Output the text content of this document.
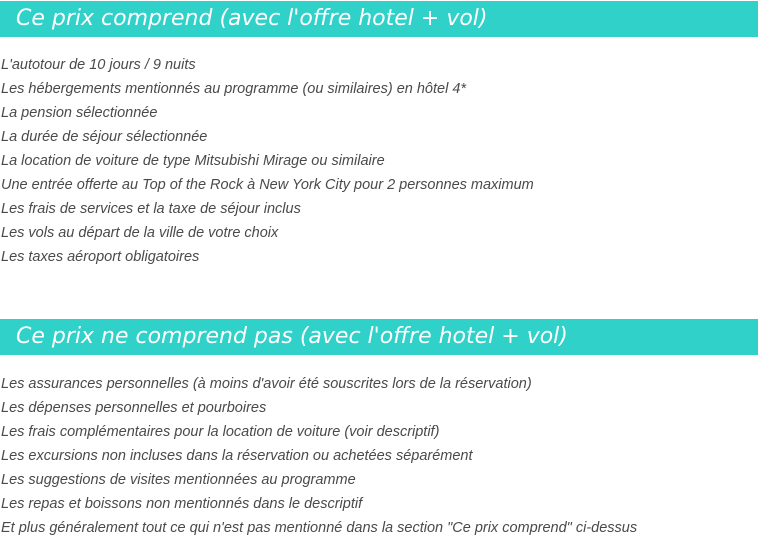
Ce prix comprend (avec l'offre hotel + vol)
L'autotour de 10 jours / 9 nuits
Les hébergements mentionnés au programme (ou similaires) en hôtel 4*
La pension sélectionnée
La durée de séjour sélectionnée
La location de voiture de type Mitsubishi Mirage ou similaire
Une entrée offerte au Top of the Rock à New York City pour 2 personnes maximum
Les frais de services et la taxe de séjour inclus
Les vols au départ de la ville de votre choix
Les taxes aéroport obligatoires
Ce prix ne comprend pas (avec l'offre hotel + vol)
Les assurances personnelles (à moins d'avoir été souscrites lors de la réservation)
Les dépenses personnelles et pourboires
Les frais complémentaires pour la location de voiture (voir descriptif)
Les excursions non incluses dans la réservation ou achetées séparément
Les suggestions de visites mentionnées au programme
Les repas et boissons non mentionnés dans le descriptif
Et plus généralement tout ce qui n'est pas mentionné dans la section "Ce prix comprend" ci-dessus
